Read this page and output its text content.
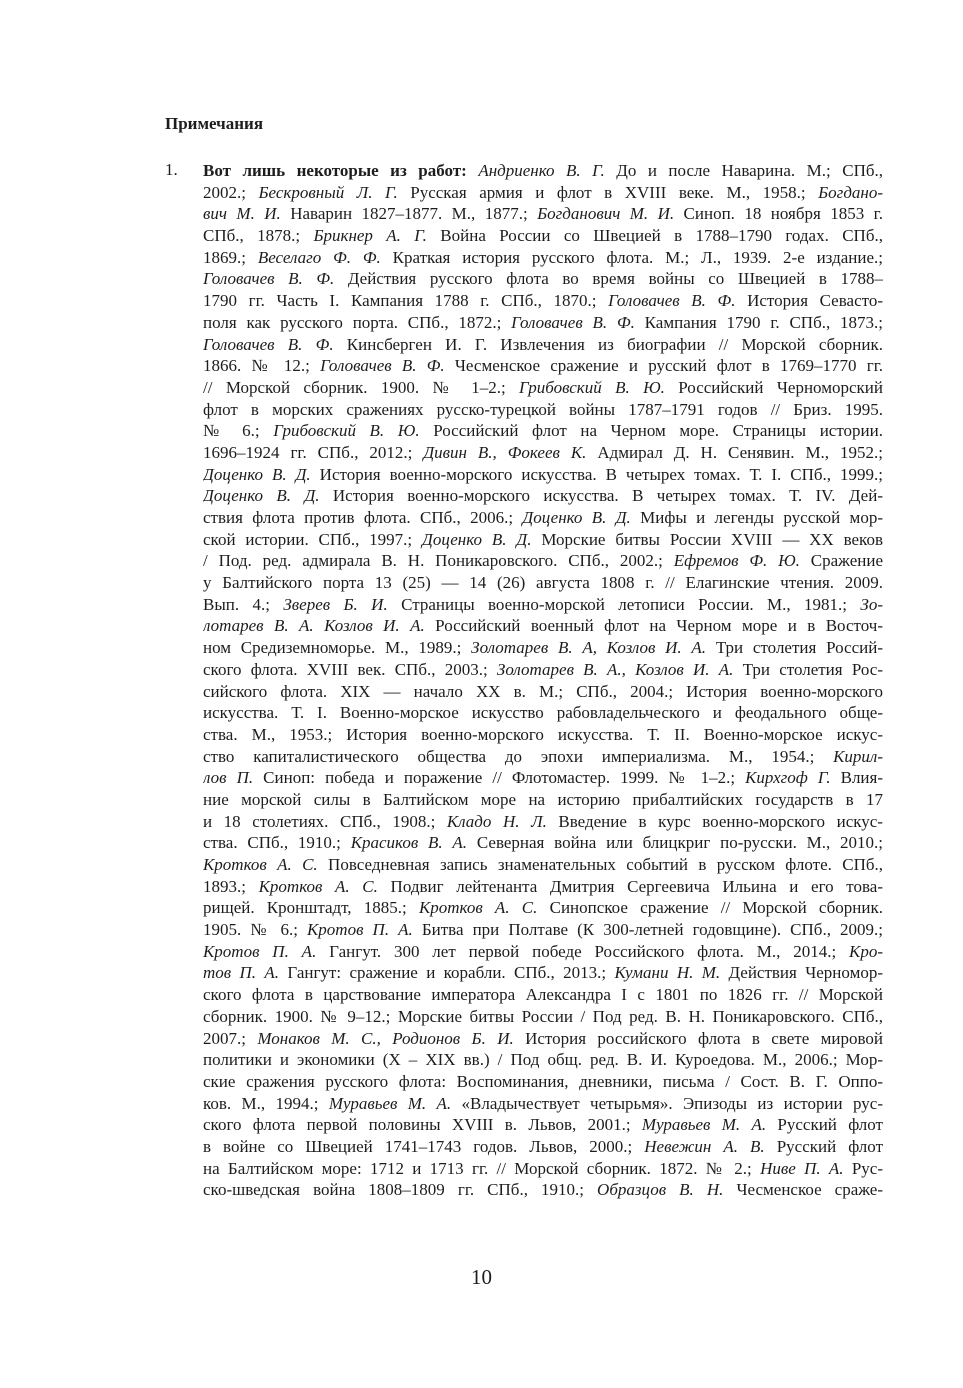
Примечания
1. Вот лишь некоторые из работ: Андриенко В. Г. До и после Наварина. М.; СПб.,
2002.; Бескровный Л. Г. Русская армия и флот в XVIII веке. М., 1958.; Богдано-
вич М. И. Наварин 1827–1877. М., 1877.; Богданович М. И. Синоп. 18 ноября 1853 г.
СПб., 1878.; Брикнер А. Г. Война России со Швецией в 1788–1790 годах. СПб.,
1869.; Веселаго Ф. Ф. Краткая история русского флота. М.; Л., 1939. 2-е издание.;
Головачев В. Ф. Действия русского флота во время войны со Швецией в 1788–
1790 гг. Часть I. Кампания 1788 г. СПб., 1870.; Головачев В. Ф. История Севасто-
поля как русского порта. СПб., 1872.; Головачев В. Ф. Кампания 1790 г. СПб., 1873.;
Головачев В. Ф. Кинсберген И. Г. Извлечения из биографии // Морской сборник.
1866. № 12.; Головачев В. Ф. Чесменское сражение и русский флот в 1769–1770 гг.
// Морской сборник. 1900. № 1–2.; Грибовский В. Ю. Российский Черноморский
флот в морских сражениях русско-турецкой войны 1787–1791 годов // Бриз. 1995.
№ 6.; Грибовский В. Ю. Российский флот на Черном море. Страницы истории.
1696–1924 гг. СПб., 2012.; Дивин В., Фокеев К. Адмирал Д. Н. Сенявин. М., 1952.;
Доценко В. Д. История военно-морского искусства. В четырех томах. Т. I. СПб., 1999.;
Доценко В. Д. История военно-морского искусства. В четырех томах. Т. IV. Дей-
ствия флота против флота. СПб., 2006.; Доценко В. Д. Мифы и легенды русской мор-
ской истории. СПб., 1997.; Доценко В. Д. Морские битвы России XVIII — XX веков
/ Под. ред. адмирала В. Н. Поникаровского. СПб., 2002.; Ефремов Ф. Ю. Сражение
у Балтийского порта 13 (25) — 14 (26) августа 1808 г. // Елагинские чтения. 2009.
Вып. 4.; Зверев Б. И. Страницы военно-морской летописи России. М., 1981.; Зо-
лотарев В. А. Козлов И. А. Российский военный флот на Черном море и в Восточ-
ном Средиземноморье. М., 1989.; Золотарев В. А, Козлов И. А. Три столетия Россий-
ского флота. XVIII век. СПб., 2003.; Золотарев В. А., Козлов И. А. Три столетия Рос-
сийского флота. XIX — начало XX в. М.; СПб., 2004.; История военно-морского
искусства. Т. I. Военно-морское искусство рабовладельческого и феодального обще-
ства. М., 1953.; История военно-морского искусства. Т. II. Военно-морское искус-
ство капиталистического общества до эпохи империализма. М., 1954.; Кирил-
лов П. Синоп: победа и поражение // Флотомастер. 1999. № 1–2.; Кирхгоф Г. Влия-
ние морской силы в Балтийском море на историю прибалтийских государств в 17
и 18 столетиях. СПб., 1908.; Кладо Н. Л. Введение в курс военно-морского искус-
ства. СПб., 1910.; Красиков В. А. Северная война или блицкриг по-русски. М., 2010.;
Кротков А. С. Повседневная запись знаменательных событий в русском флоте. СПб.,
1893.; Кротков А. С. Подвиг лейтенанта Дмитрия Сергеевича Ильина и его това-
рищей. Кронштадт, 1885.; Кротков А. С. Синопское сражение // Морской сборник.
1905. № 6.; Кротов П. А. Битва при Полтаве (К 300-летней годовщине). СПб., 2009.;
Кротов П. А. Гангут. 300 лет первой победе Российского флота. М., 2014.; Кро-
тов П. А. Гангут: сражение и корабли. СПб., 2013.; Кумани Н. М. Действия Черномор-
ского флота в царствование императора Александра I с 1801 по 1826 гг. // Морской
сборник. 1900. № 9–12.; Морские битвы России / Под ред. В. Н. Поникаровского. СПб.,
2007.; Монаков М. С., Родионов Б. И. История российского флота в свете мировой
политики и экономики (X – XIX вв.) / Под общ. ред. В. И. Куроедова. М., 2006.; Мор-
ские сражения русского флота: Воспоминания, дневники, письма / Сост. В. Г. Оппо-
ков. М., 1994.; Муравьев М. А. «Владычествует четырьмя». Эпизоды из истории рус-
ского флота первой половины XVIII в. Львов, 2001.; Муравьев М. А. Русский флот
в войне со Швецией 1741–1743 годов. Львов, 2000.; Невежин А. В. Русский флот
на Балтийском море: 1712 и 1713 гг. // Морской сборник. 1872. № 2.; Ниве П. А. Рус-
ско-шведская война 1808–1809 гг. СПб., 1910.; Образцов В. Н. Чесменское сраже-
10
